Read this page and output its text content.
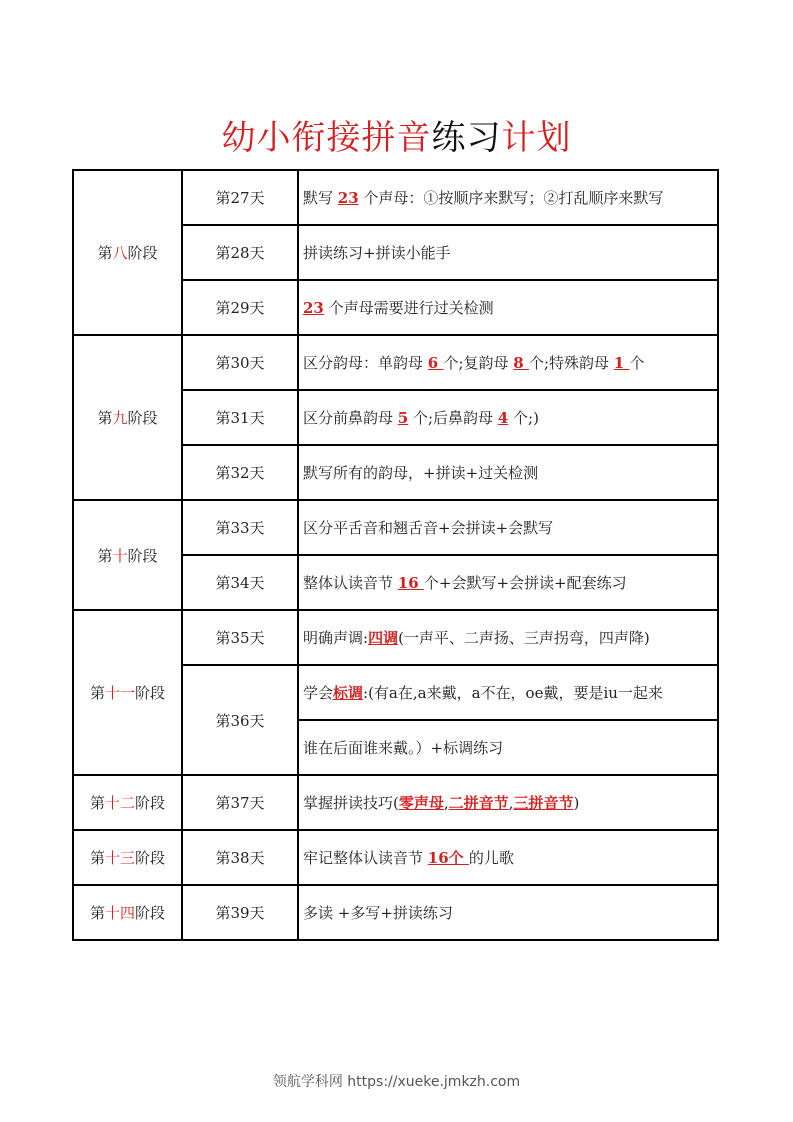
幼小衔接拼音练习计划
第八阶段	第27天	默写 23 个声母：①按顺序来默写；②打乱顺序来默写
	第28天	拼读练习+拼读小能手
	第29天	23 个声母需要进行过关检测
第九阶段	第30天	区分韵母：单韵母 6 个;复韵母 8 个;特殊韵母 1 个
	第31天	区分前鼻韵母 5 个;后鼻韵母 4 个;)
	第32天	默写所有的韵母，+拼读+过关检测
第十阶段	第33天	区分平舌音和翘舌音+会拼读+会默写
	第34天	整体认读音节 16 个+会默写+会拼读+配套练习
第十一阶段	第35天	明确声调:四调(一声平、二声扬、三声拐弯，四声降)
	第36天	学会标调:(有a在,a来戴，a不在，oe戴，要是iu一起来
		谁在后面谁来戴。）+标调练习
第十二阶段	第37天	掌握拼读技巧(零声母,二拼音节,三拼音节)
第十三阶段	第38天	牢记整体认读音节 16个 的儿歌
第十四阶段	第39天	多读 +多写+拼读练习
领航学科网 https://xueke.jmkzh.com
